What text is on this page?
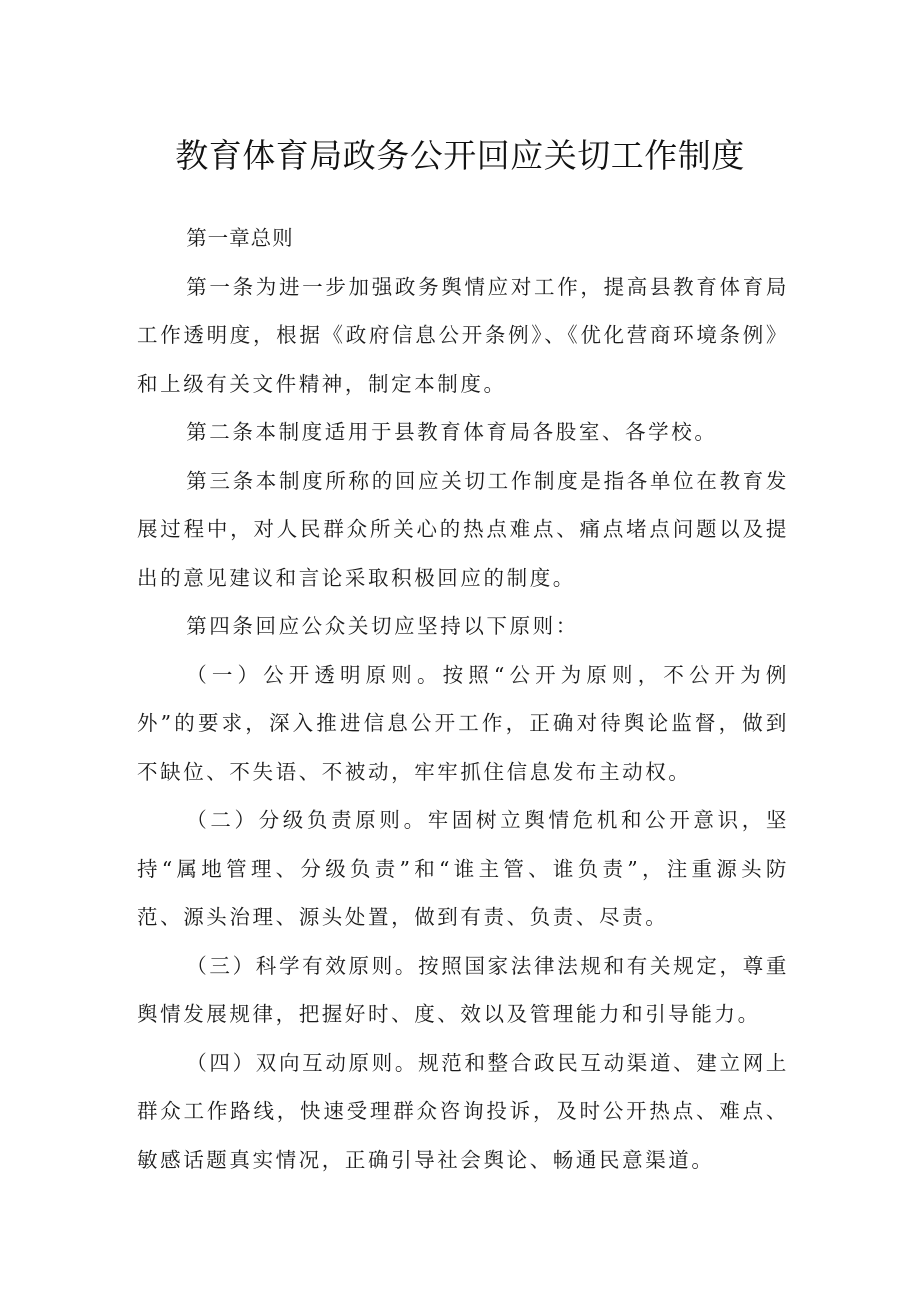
教育体育局政务公开回应关切工作制度

第一章总则

第一条为进一步加强政务舆情应对工作，提高县教育体育局工作透明度，根据《政府信息公开条例》、《优化营商环境条例》和上级有关文件精神，制定本制度。

第二条本制度适用于县教育体育局各股室、各学校。

第三条本制度所称的回应关切工作制度是指各单位在教育发展过程中，对人民群众所关心的热点难点、痛点堵点问题以及提出的意见建议和言论采取积极回应的制度。

第四条回应公众关切应坚持以下原则：

（一）公开透明原则。按照“公开为原则，不公开为例外”的要求，深入推进信息公开工作，正确对待舆论监督，做到不缺位、不失语、不被动，牢牢抓住信息发布主动权。

（二）分级负责原则。牢固树立舆情危机和公开意识，坚持“属地管理、分级负责”和“谁主管、谁负责”，注重源头防范、源头治理、源头处置，做到有责、负责、尽责。

（三）科学有效原则。按照国家法律法规和有关规定，尊重舆情发展规律，把握好时、度、效以及管理能力和引导能力。

（四）双向互动原则。规范和整合政民互动渠道、建立网上群众工作路线，快速受理群众咨询投诉，及时公开热点、难点、敏感话题真实情况，正确引导社会舆论、畅通民意渠道。
